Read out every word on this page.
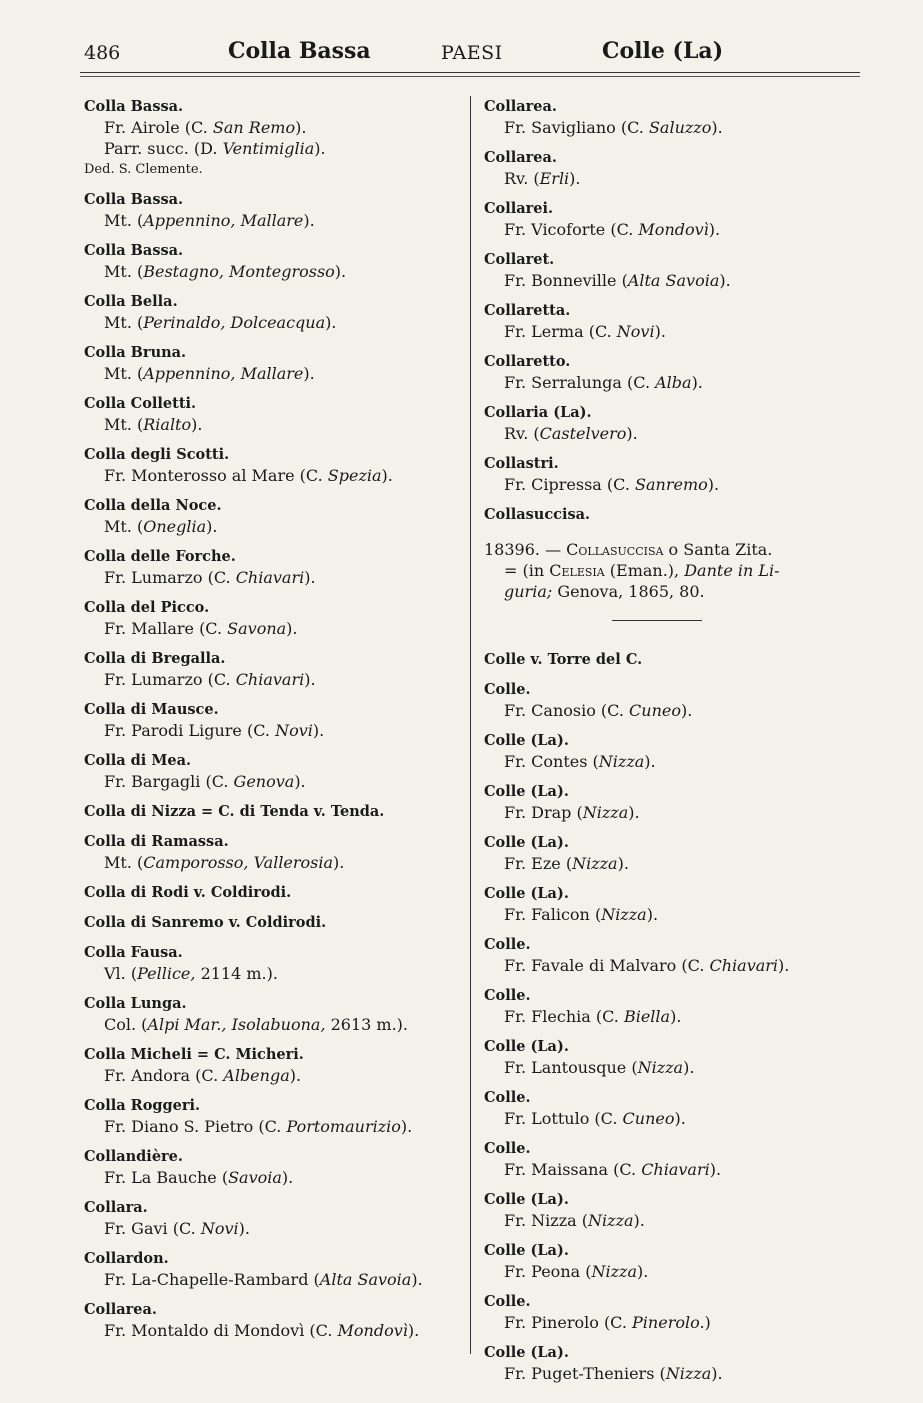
486	Colla Bassa	PAESI	Colle (La)
Colla Bassa.
Fr. Airole (C. San Remo).
Parr. succ. (D. Ventimiglia).
Ded. S. Clemente.
Colla Bassa.
Mt. (Appennino, Mallare).
Colla Bassa.
Mt. (Bestagno, Montegrosso).
Colla Bella.
Mt. (Perinaldo, Dolceacqua).
Colla Bruna.
Mt. (Appennino, Mallare).
Colla Colletti.
Mt. (Rialto).
Colla degli Scotti.
Fr. Monterosso al Mare (C. Spezia).
Colla della Noce.
Mt. (Oneglia).
Colla delle Forche.
Fr. Lumarzo (C. Chiavari).
Colla del Picco.
Fr. Mallare (C. Savona).
Colla di Bregalla.
Fr. Lumarzo (C. Chiavari).
Colla di Mausce.
Fr. Parodi Ligure (C. Novi).
Colla di Mea.
Fr. Bargagli (C. Genova).
Colla di Nizza = C. di Tenda v. Tenda.
Colla di Ramassa.
Mt. (Camporosso, Vallerosia).
Colla di Rodi v. Coldirodi.
Colla di Sanremo v. Coldirodi.
Colla Fausa.
Vl. (Pellice, 2114 m.).
Colla Lunga.
Col. (Alpi Mar., Isolabuona, 2613 m.).
Colla Micheli = C. Micheri.
Fr. Andora (C. Albenga).
Colla Roggeri.
Fr. Diano S. Pietro (C. Portomaurizio).
Collandière.
Fr. La Bauche (Savoia).
Collara.
Fr. Gavi (C. Novi).
Collardon.
Fr. La-Chapelle-Rambard (Alta Savoia).
Collarea.
Fr. Montaldo di Mondovì (C. Mondovì).
Collarea.
Fr. Savigliano (C. Saluzzo).
Collarea.
Rv. (Erli).
Collarei.
Fr. Vicoforte (C. Mondovì).
Collaret.
Fr. Bonneville (Alta Savoia).
Collaretta.
Fr. Lerma (C. Novi).
Collaretto.
Fr. Serralunga (C. Alba).
Collaria (La).
Rv. (Castelvero).
Collastri.
Fr. Cipressa (C. Sanremo).
Collasuccisa.
18396. — Collasuccisa o Santa Zita.
= (in Celesia (Eman.), Dante in Li-
guria; Genova, 1865, 80.
Colle v. Torre del C.
Colle.
Fr. Canosio (C. Cuneo).
Colle (La).
Fr. Contes (Nizza).
Colle (La).
Fr. Drap (Nizza).
Colle (La).
Fr. Eze (Nizza).
Colle (La).
Fr. Falicon (Nizza).
Colle.
Fr. Favale di Malvaro (C. Chiavari).
Colle.
Fr. Flechia (C. Biella).
Colle (La).
Fr. Lantousque (Nizza).
Colle.
Fr. Lottulo (C. Cuneo).
Colle.
Fr. Maissana (C. Chiavari).
Colle (La).
Fr. Nizza (Nizza).
Colle (La).
Fr. Peona (Nizza).
Colle.
Fr. Pinerolo (C. Pinerolo.)
Colle (La).
Fr. Puget-Theniers (Nizza).
